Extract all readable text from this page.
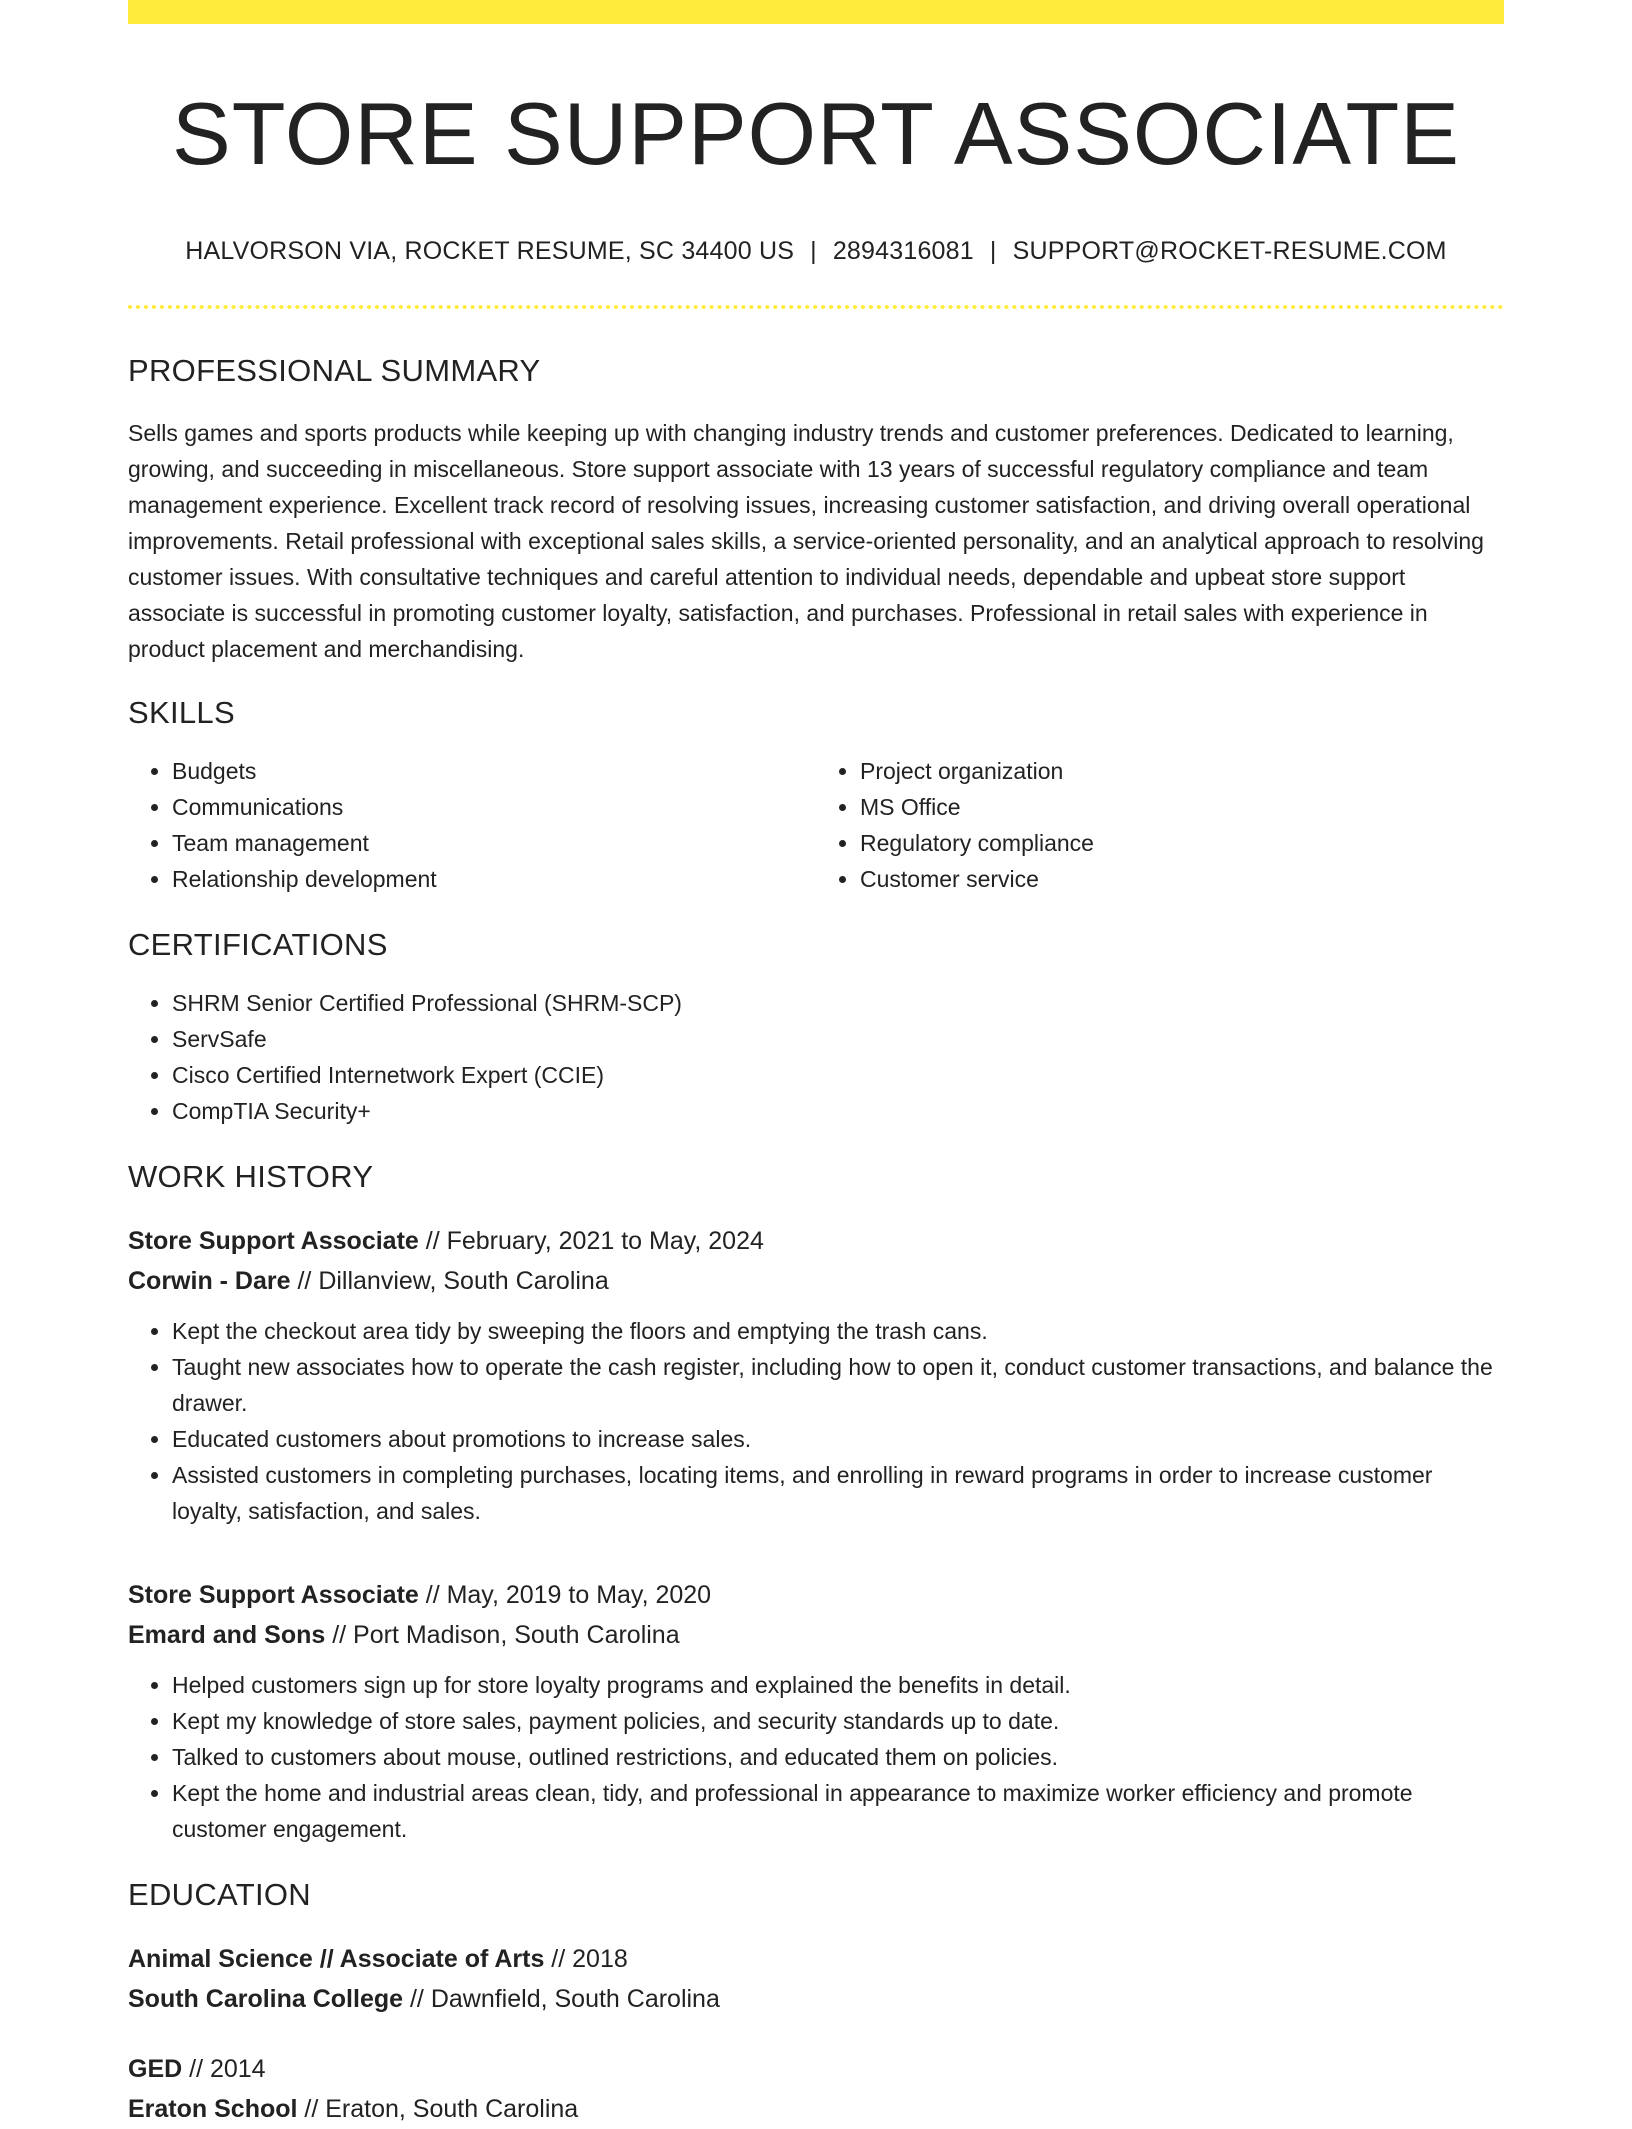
STORE SUPPORT ASSOCIATE
HALVORSON VIA, ROCKET RESUME, SC 34400 US | 2894316081 | SUPPORT@ROCKET-RESUME.COM
PROFESSIONAL SUMMARY

Sells games and sports products while keeping up with changing industry trends and customer preferences. Dedicated to learning, growing, and succeeding in miscellaneous. Store support associate with 13 years of successful regulatory compliance and team management experience. Excellent track record of resolving issues, increasing customer satisfaction, and driving overall operational improvements. Retail professional with exceptional sales skills, a service-oriented personality, and an analytical approach to resolving customer issues. With consultative techniques and careful attention to individual needs, dependable and upbeat store support associate is successful in promoting customer loyalty, satisfaction, and purchases. Professional in retail sales with experience in product placement and merchandising.

SKILLS
• Budgets
• Communications
• Team management
• Relationship development
• Project organization
• MS Office
• Regulatory compliance
• Customer service
CERTIFICATIONS
• SHRM Senior Certified Professional (SHRM-SCP)
• ServSafe
• Cisco Certified Internetwork Expert (CCIE)
• CompTIA Security+
WORK HISTORY
Store Support Associate // February, 2021 to May, 2024
Corwin - Dare // Dillanview, South Carolina
• Kept the checkout area tidy by sweeping the floors and emptying the trash cans.
• Taught new associates how to operate the cash register, including how to open it, conduct customer transactions, and balance the drawer.
• Educated customers about promotions to increase sales.
• Assisted customers in completing purchases, locating items, and enrolling in reward programs in order to increase customer loyalty, satisfaction, and sales.
Store Support Associate // May, 2019 to May, 2020
Emard and Sons // Port Madison, South Carolina
• Helped customers sign up for store loyalty programs and explained the benefits in detail.
• Kept my knowledge of store sales, payment policies, and security standards up to date.
• Talked to customers about mouse, outlined restrictions, and educated them on policies.
• Kept the home and industrial areas clean, tidy, and professional in appearance to maximize worker efficiency and promote customer engagement.
EDUCATION
Animal Science // Associate of Arts // 2018
South Carolina College // Dawnfield, South Carolina
GED // 2014
Eraton School // Eraton, South Carolina
